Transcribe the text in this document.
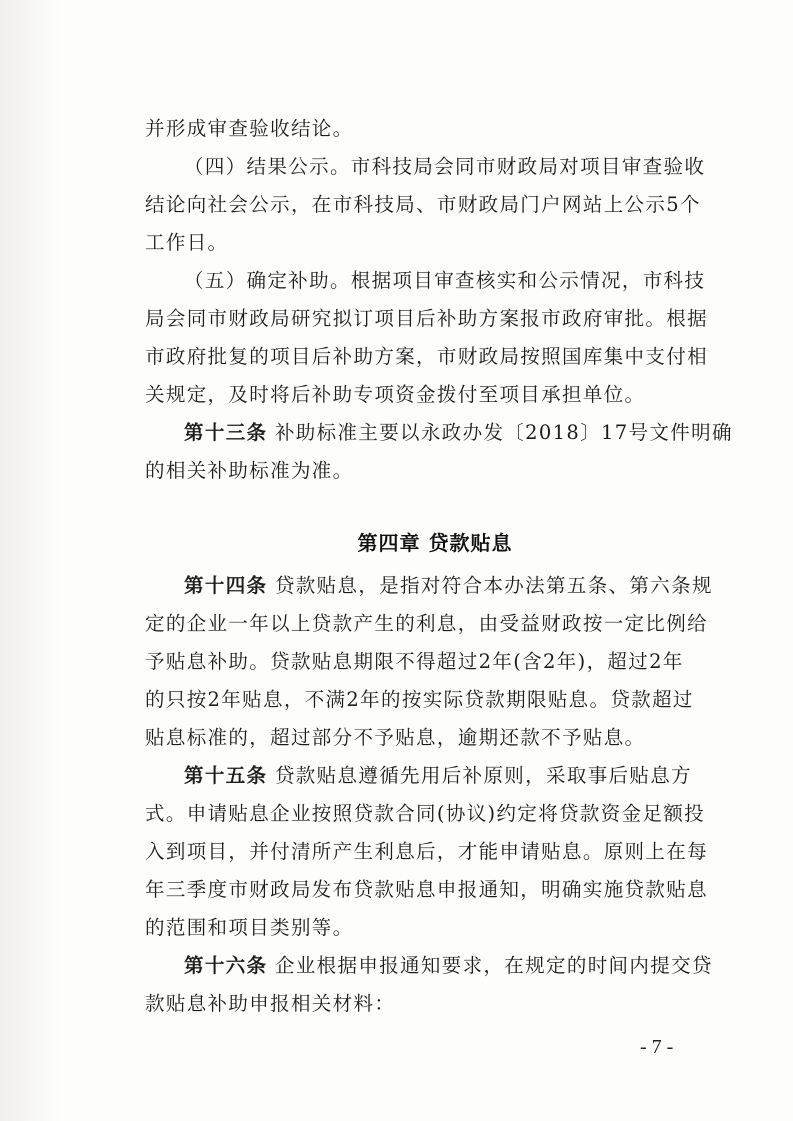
并形成审查验收结论。

（四）结果公示。市科技局会同市财政局对项目审查验收

结论向社会公示，在市科技局、市财政局门户网站上公示5个

工作日。

（五）确定补助。根据项目审查核实和公示情况，市科技

局会同市财政局研究拟订项目后补助方案报市政府审批。根据

市政府批复的项目后补助方案，市财政局按照国库集中支付相

关规定，及时将后补助专项资金拨付至项目承担单位。

第十三条 补助标准主要以永政办发〔2018〕17号文件明确

的相关补助标准为准。

第四章 贷款贴息

第十四条 贷款贴息，是指对符合本办法第五条、第六条规

定的企业一年以上贷款产生的利息，由受益财政按一定比例给

予贴息补助。贷款贴息期限不得超过2年(含2年)，超过2年

的只按2年贴息，不满2年的按实际贷款期限贴息。贷款超过

贴息标准的，超过部分不予贴息，逾期还款不予贴息。

第十五条 贷款贴息遵循先用后补原则，采取事后贴息方

式。申请贴息企业按照贷款合同(协议)约定将贷款资金足额投

入到项目，并付清所产生利息后，才能申请贴息。原则上在每

年三季度市财政局发布贷款贴息申报通知，明确实施贷款贴息

的范围和项目类别等。

第十六条 企业根据申报通知要求，在规定的时间内提交贷

款贴息补助申报相关材料：

- 7 -
